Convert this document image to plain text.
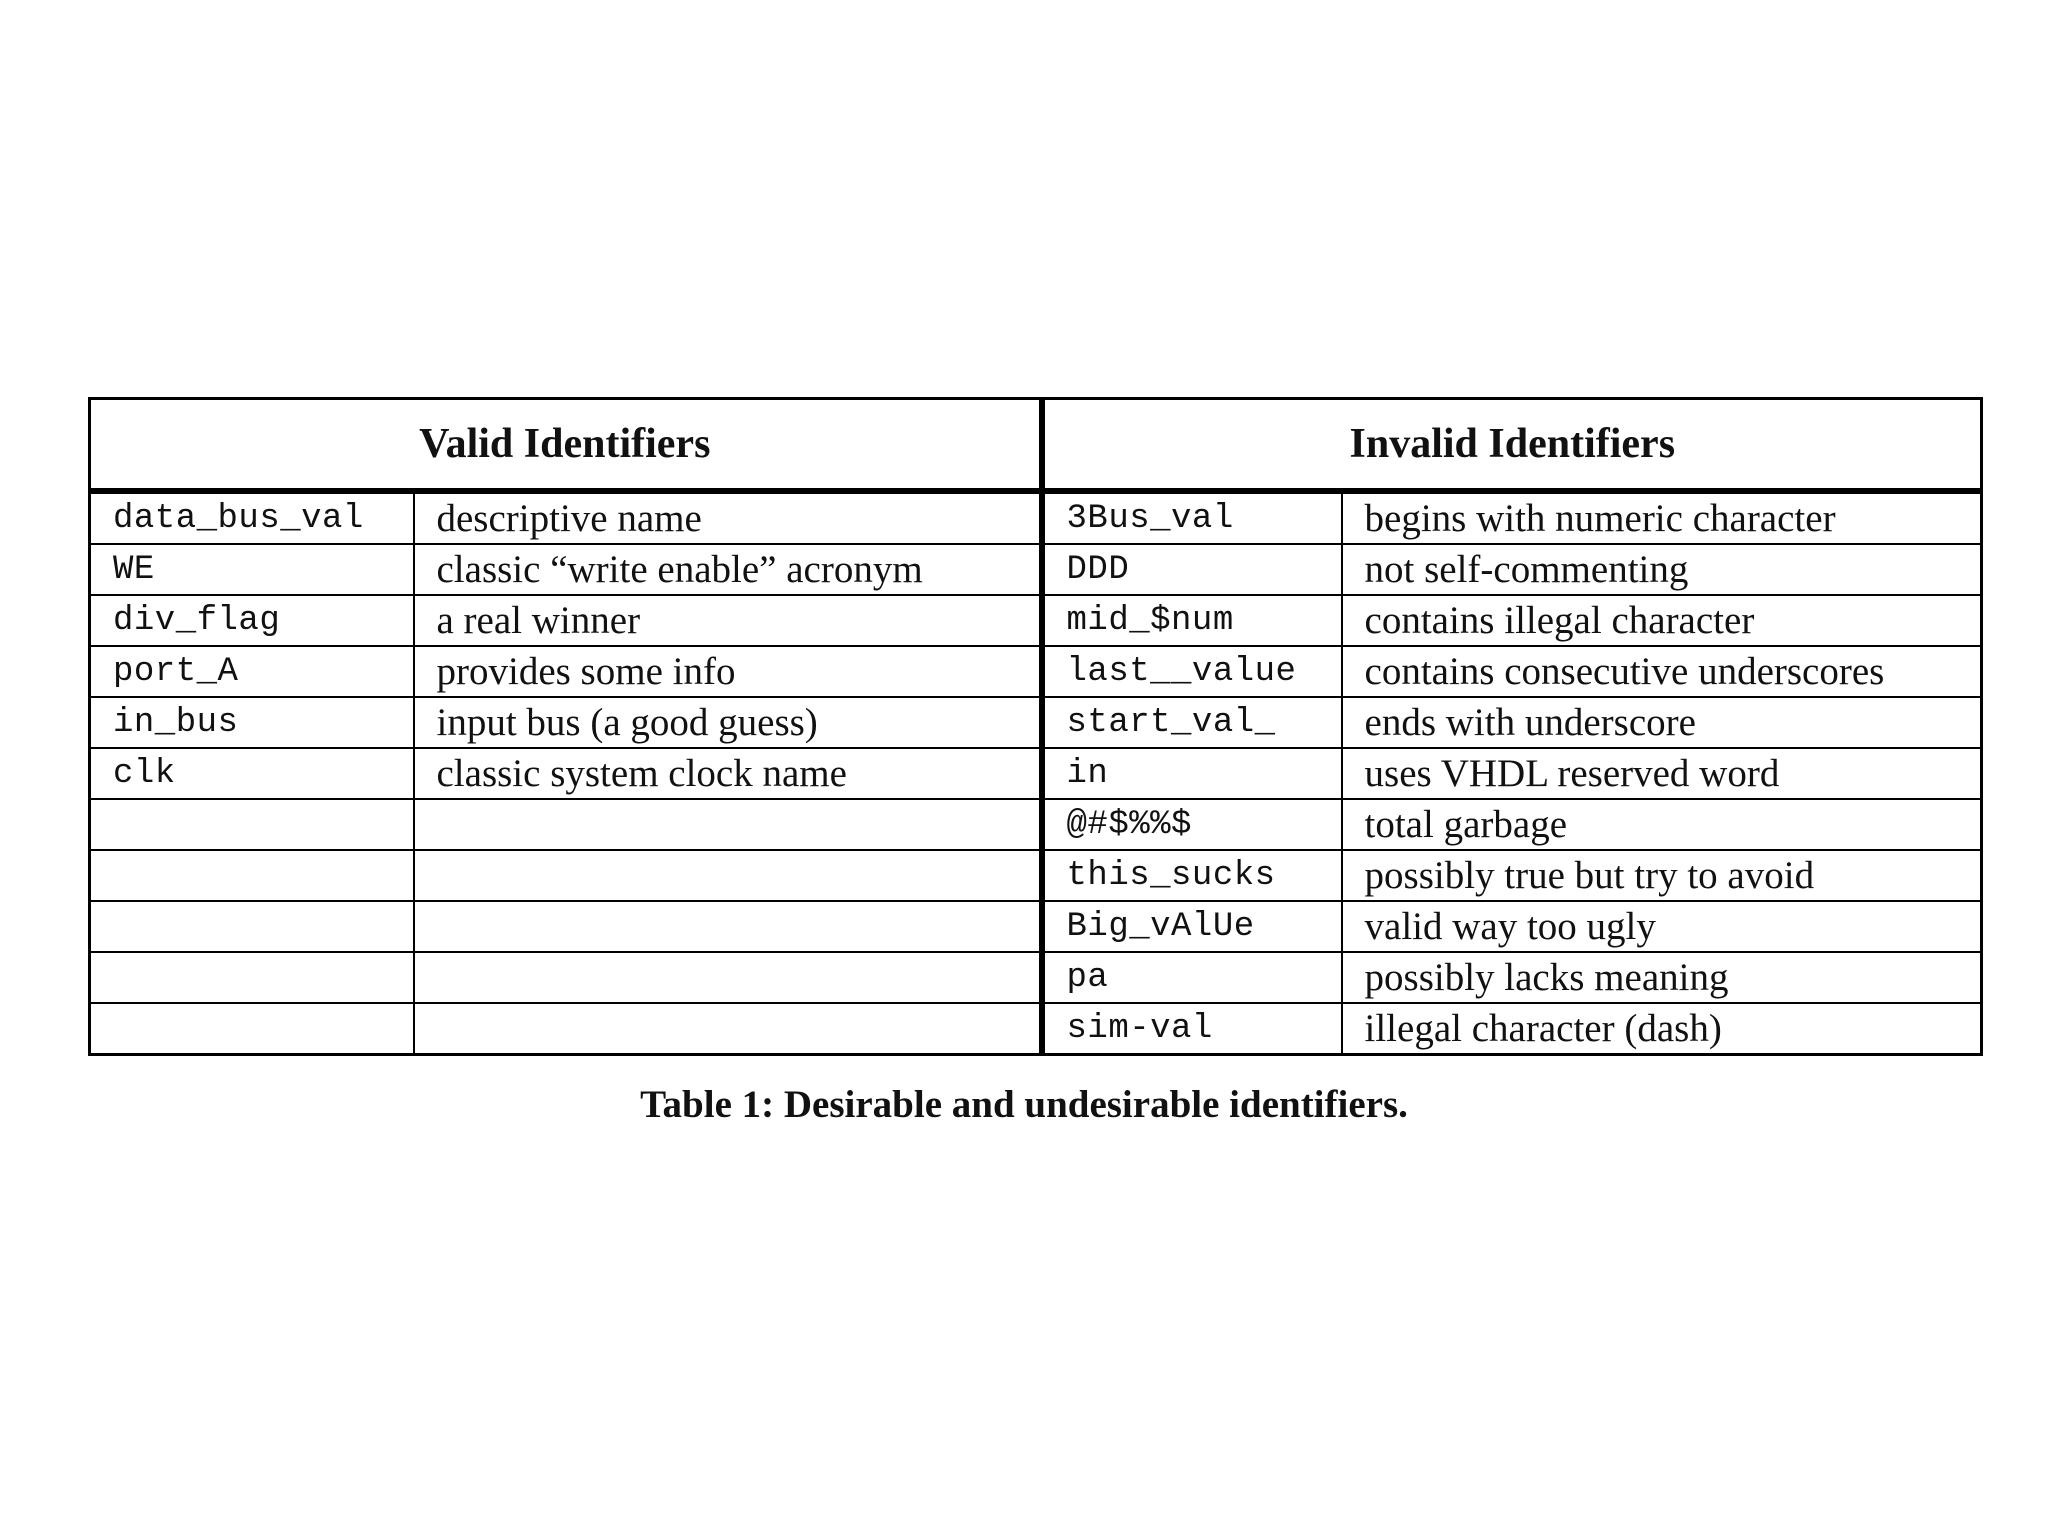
Valid Identifiers		Invalid Identifiers	
data_bus_val	descriptive name	3Bus_val	begins with numeric character
WE	classic “write enable” acronym	DDD	not self-commenting
div_flag	a real winner	mid_$num	contains illegal character
port_A	provides some info	last__value	contains consecutive underscores
in_bus	input bus (a good guess)	start_val_	ends with underscore
clk	classic system clock name	in	uses VHDL reserved word
		@#$%%$	total garbage
		this_sucks	possibly true but try to avoid
		Big_vAlUe	valid way too ugly
		pa	possibly lacks meaning
		sim-val	illegal character (dash)
Table 1: Desirable and undesirable identifiers.
